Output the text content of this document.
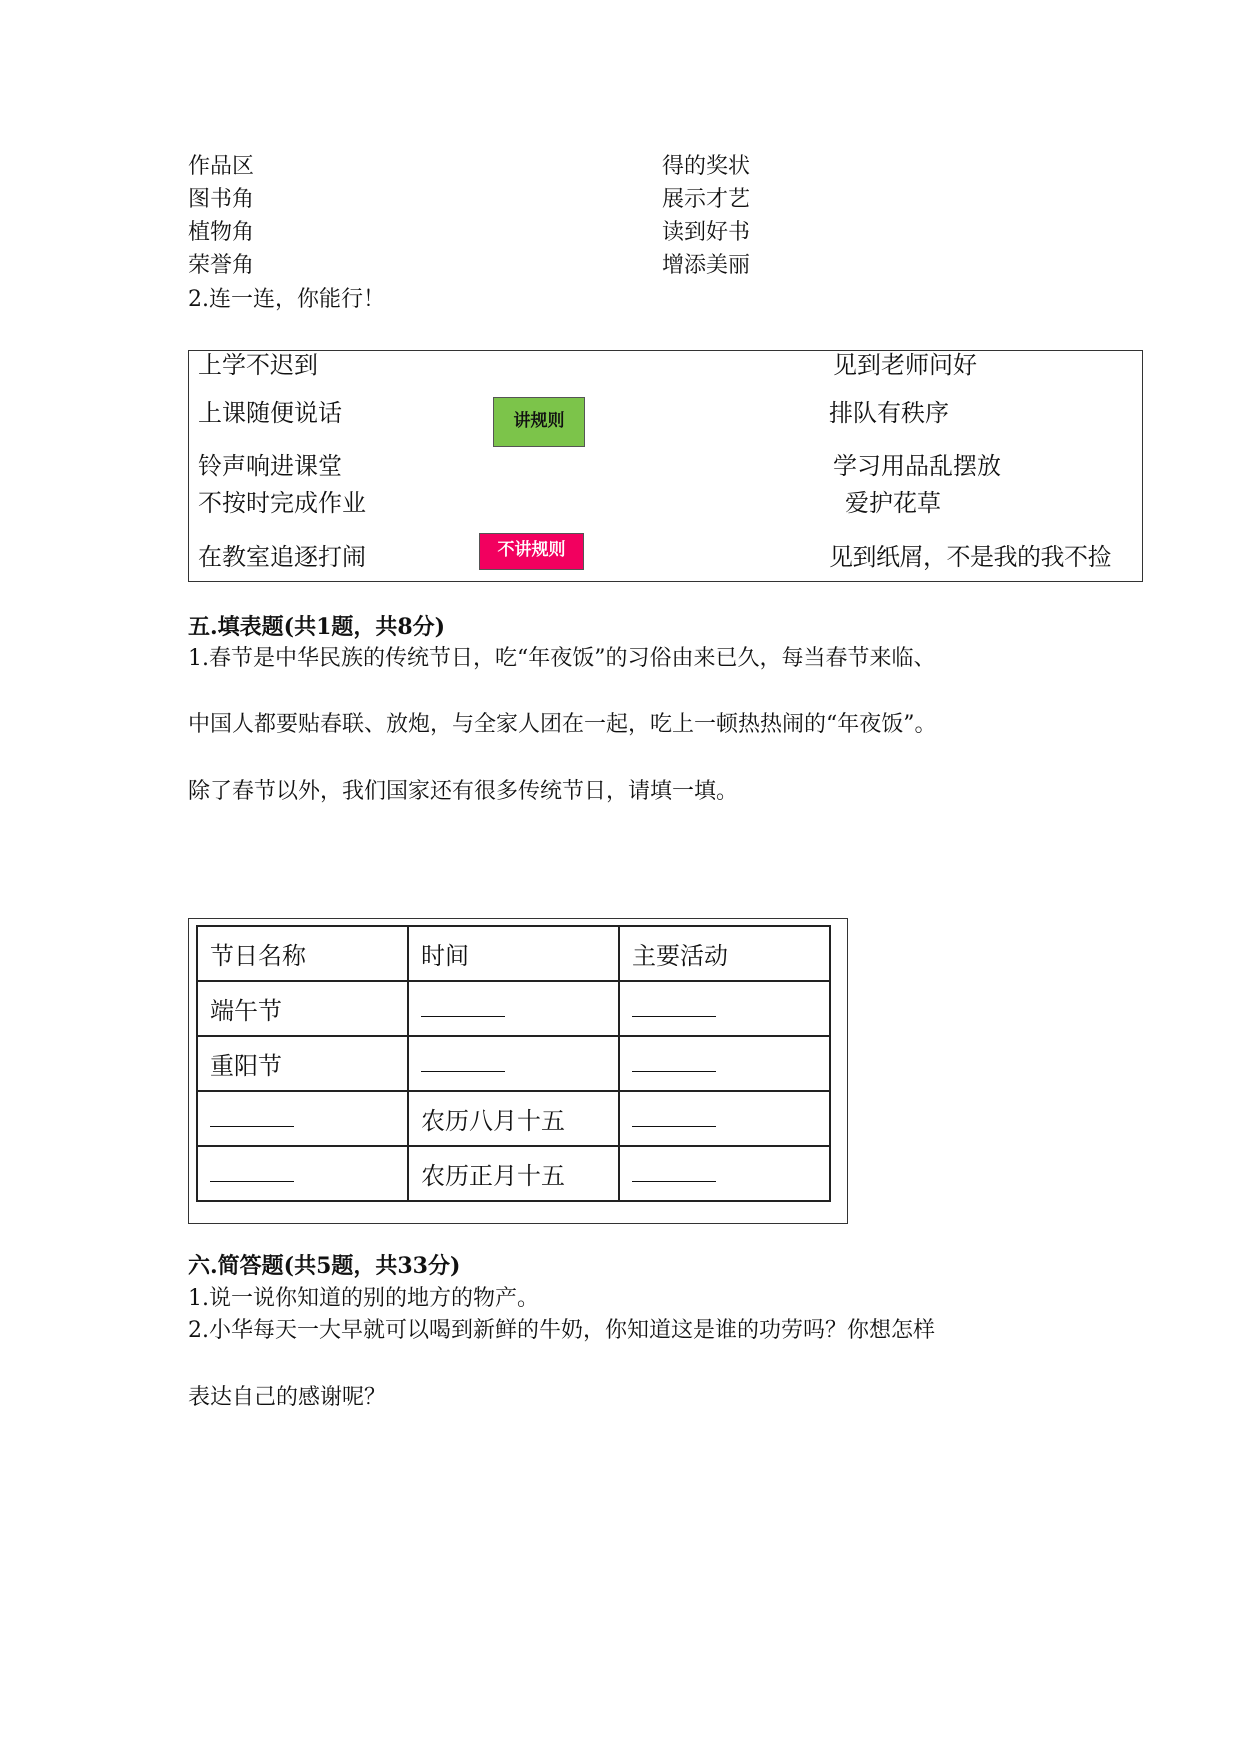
作品区
图书角
植物角
荣誉角
得的奖状
展示才艺
读到好书
增添美丽
2.连一连，你能行！
上学不迟到
上课随便说话
铃声响进课堂
不按时完成作业
在教室追逐打闹
见到老师问好
排队有秩序
学习用品乱摆放
爱护花草
见到纸屑，不是我的我不捡
讲规则
不讲规则
五.填表题(共1题，共8分)
1.春节是中华民族的传统节日，吃“年夜饭”的习俗由来已久，每当春节来临、
中国人都要贴春联、放炮，与全家人团在一起，吃上一顿热热闹的“年夜饭”。
除了春节以外，我们国家还有很多传统节日，请填一填。
节日名称	时间	主要活动
端午节		
重阳节		
	农历八月十五	
	农历正月十五	
六.简答题(共5题，共33分)
1.说一说你知道的别的地方的物产。
2.小华每天一大早就可以喝到新鲜的牛奶，你知道这是谁的功劳吗？你想怎样
表达自己的感谢呢？
